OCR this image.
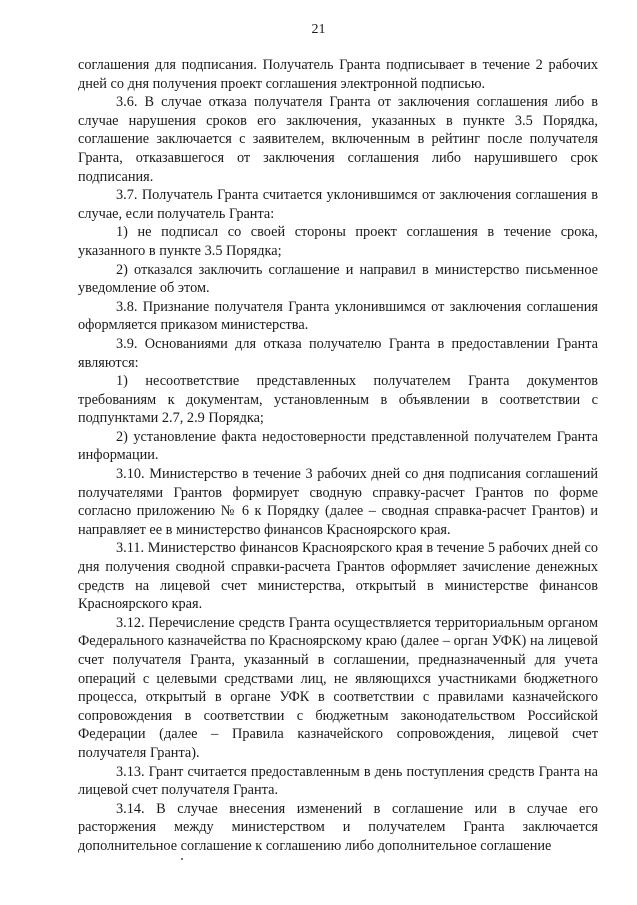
21

соглашения для подписания. Получатель Гранта подписывает в течение 2 рабочих дней со дня получения проект соглашения электронной подписью.

3.6. В случае отказа получателя Гранта от заключения соглашения либо в случае нарушения сроков его заключения, указанных в пункте 3.5 Порядка, соглашение заключается с заявителем, включенным в рейтинг после получателя Гранта, отказавшегося от заключения соглашения либо нарушившего срок подписания.

3.7. Получатель Гранта считается уклонившимся от заключения соглашения в случае, если получатель Гранта:

1) не подписал со своей стороны проект соглашения в течение срока, указанного в пункте 3.5 Порядка;

2) отказался заключить соглашение и направил в министерство письменное уведомление об этом.

3.8. Признание получателя Гранта уклонившимся от заключения соглашения оформляется приказом министерства.

3.9. Основаниями для отказа получателю Гранта в предоставлении Гранта являются:

1) несоответствие представленных получателем Гранта документов требованиям к документам, установленным в объявлении в соответствии с подпунктами 2.7, 2.9 Порядка;

2) установление факта недостоверности представленной получателем Гранта информации.

3.10. Министерство в течение 3 рабочих дней со дня подписания соглашений получателями Грантов формирует сводную справку-расчет Грантов по форме согласно приложению № 6 к Порядку (далее – сводная справка-расчет Грантов) и направляет ее в министерство финансов Красноярского края.

3.11. Министерство финансов Красноярского края в течение 5 рабочих дней со дня получения сводной справки-расчета Грантов оформляет зачисление денежных средств на лицевой счет министерства, открытый в министерстве финансов Красноярского края.

3.12. Перечисление средств Гранта осуществляется территориальным органом Федерального казначейства по Красноярскому краю (далее – орган УФК) на лицевой счет получателя Гранта, указанный в соглашении, предназначенный для учета операций с целевыми средствами лиц, не являющихся участниками бюджетного процесса, открытый в органе УФК в соответствии с правилами казначейского сопровождения в соответствии с бюджетным законодательством Российской Федерации (далее – Правила казначейского сопровождения, лицевой счет получателя Гранта).

3.13. Грант считается предоставленным в день поступления средств Гранта на лицевой счет получателя Гранта.

3.14. В случае внесения изменений в соглашение или в случае его расторжения между министерством и получателем Гранта заключается дополнительное соглашение к соглашению либо дополнительное соглашение
